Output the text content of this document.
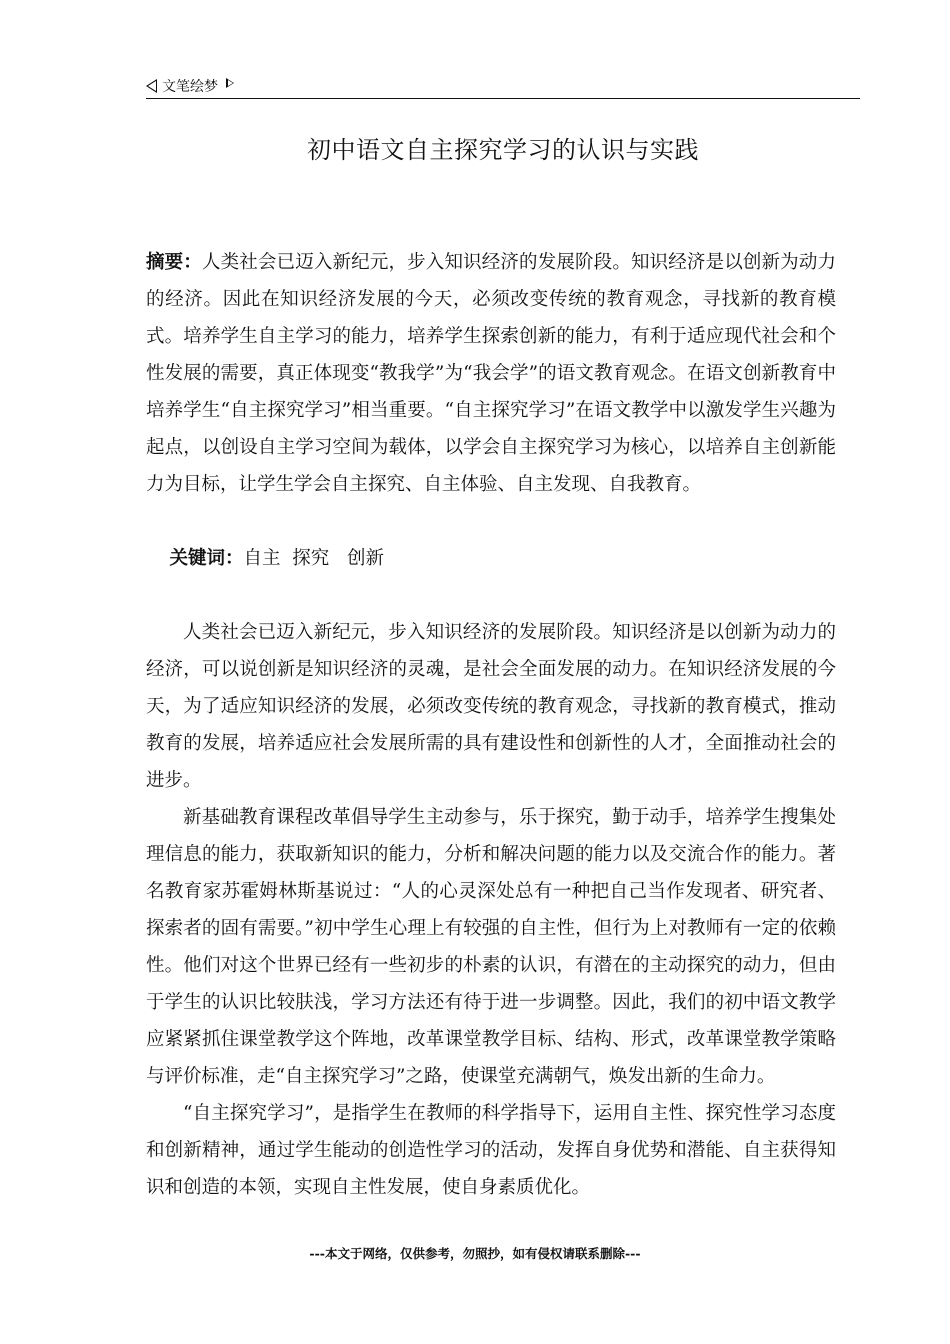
文笔绘梦
初中语文自主探究学习的认识与实践

摘要：人类社会已迈入新纪元，步入知识经济的发展阶段。知识经济是以创新为动力的经济。因此在知识经济发展的今天，必须改变传统的教育观念，寻找新的教育模式。培养学生自主学习的能力，培养学生探索创新的能力，有利于适应现代社会和个性发展的需要，真正体现变“教我学”为“我会学”的语文教育观念。在语文创新教育中培养学生“自主探究学习”相当重要。“自主探究学习”在语文教学中以激发学生兴趣为起点，以创设自主学习空间为载体，以学会自主探究学习为核心，以培养自主创新能力为目标，让学生学会自主探究、自主体验、自主发现、自我教育。

关键词：自主  探究   创新

人类社会已迈入新纪元，步入知识经济的发展阶段。知识经济是以创新为动力的经济，可以说创新是知识经济的灵魂，是社会全面发展的动力。在知识经济发展的今天，为了适应知识经济的发展，必须改变传统的教育观念，寻找新的教育模式，推动教育的发展，培养适应社会发展所需的具有建设性和创新性的人才，全面推动社会的进步。

新基础教育课程改革倡导学生主动参与，乐于探究，勤于动手，培养学生搜集处理信息的能力，获取新知识的能力，分析和解决问题的能力以及交流合作的能力。著名教育家苏霍姆林斯基说过：“人的心灵深处总有一种把自己当作发现者、研究者、探索者的固有需要。”初中学生心理上有较强的自主性，但行为上对教师有一定的依赖性。他们对这个世界已经有一些初步的朴素的认识，有潜在的主动探究的动力，但由于学生的认识比较肤浅，学习方法还有待于进一步调整。因此，我们的初中语文教学应紧紧抓住课堂教学这个阵地，改革课堂教学目标、结构、形式，改革课堂教学策略与评价标准，走“自主探究学习”之路，使课堂充满朝气，焕发出新的生命力。

“自主探究学习”，是指学生在教师的科学指导下，运用自主性、探究性学习态度和创新精神，通过学生能动的创造性学习的活动，发挥自身优势和潜能、自主获得知识和创造的本领，实现自主性发展，使自身素质优化。

---本文于网络，仅供参考，勿照抄，如有侵权请联系删除---
